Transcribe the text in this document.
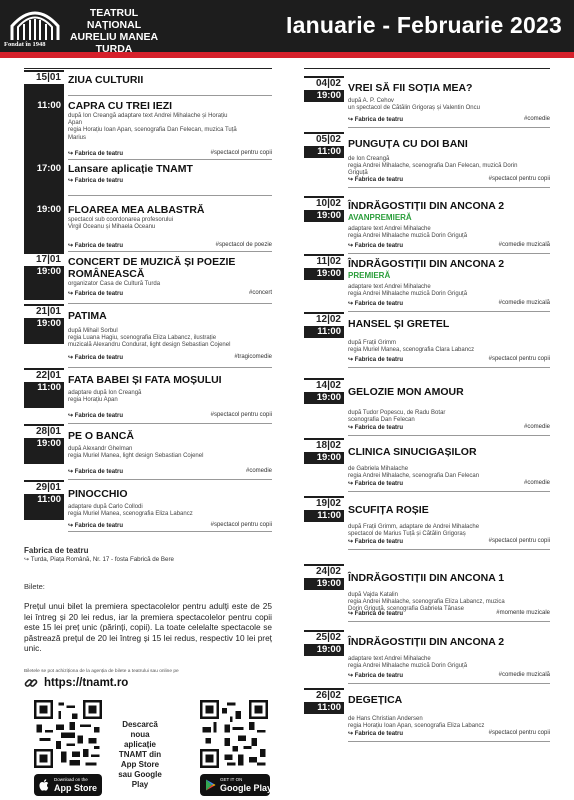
Fondat în 1948
TEATRUL NAȚIONAL
AURELIU MANEA
TURDA
Ianuarie - Februarie 2023
15|01 ZIUA CULTURII
11:00 CAPRA CU TREI IEZI
după Ion Creangă adaptare text Andrei Mihalache și Horațiu
Apan
regia Horațiu Ioan Apan, scenografia Dan Felecan, muzica Tuță
Marius
↪ Fabrica de teatru	#spectacol pentru copii
17:00 Lansare aplicație TNAMT
↪ Fabrica de teatru
19:00 FLOAREA MEA ALBASTRĂ
spectacol sub coordonarea profesorului
Virgil Oceanu și Mihaela Oceanu
↪ Fabrica de teatru	#spectacol de poezie
17|01
19:00
CONCERT DE MUZICĂ ȘI POEZIE ROMÂNEASCĂ
organizator Casa de Cultură Turda
↪ Fabrica de teatru	#concert
21|01
19:00
PATIMA
după Mihail Sorbul
regia Luana Hagiu, scenografia Eliza Labancz, ilustrație
muzicală Alexandru Condurat, light design Sebastian Cojenel
↪ Fabrica de teatru	#tragicomedie
22|01
11:00
FATA BABEI ȘI FATA MOȘULUI
adaptare după Ion Creangă
regia Horațiu Apan
↪ Fabrica de teatru	#spectacol pentru copii
28|01
19:00
PE O BANCĂ
după Alexandr Ghelman
regia Muriel Manea, light design Sebastian Cojenel
↪ Fabrica de teatru	#comedie
29|01
11:00 PINOCCHIO
adaptare după Carlo Collodi
regia Muriel Manea, scenografia Eliza Labancz
↪ Fabrica de teatru	#spectacol pentru copii
04|02
19:00
VREI SĂ FII SOȚIA MEA?
după A. P. Cehov
un spectacol de Cătălin Grigoraș și Valentin Oncu
↪ Fabrica de teatru	#comedie
05|02
11:00
PUNGUȚA CU DOI BANI
de Ion Creangă
regia Andrei Mihalache, scenografia Dan Felecan, muzică Dorin
Griguță
↪ Fabrica de teatru	#spectacol pentru copii
10|02
19:00
ÎNDRĂGOSTIȚII DIN ANCONA 2
AVANPREMIERĂ
adaptare text Andrei Mihalache
regia Andrei Mihalache muzică Dorin Griguță
↪ Fabrica de teatru	#comedie muzicală
11|02
19:00
ÎNDRĂGOSTIȚII DIN ANCONA 2
PREMIERĂ
adaptare text Andrei Mihalache
regia Andrei Mihalache muzică Dorin Griguță
↪ Fabrica de teatru	#comedie muzicală
12|02
11:00
HANSEL ȘI GRETEL
după Frații Grimm
regia Muriel Manea, scenografia Clara Labancz
↪ Fabrica de teatru	#spectacol pentru copii
14|02
19:00 GELOZIE MON AMOUR
după Tudor Popescu, de Radu Botar
scenografia Dan Felecan
↪ Fabrica de teatru	#comedie
18|02
19:00 CLINICA SINUCIGAȘILOR
de Gabriela Mihalache
regia Andrei Mihalache, scenografia Dan Felecan
↪ Fabrica de teatru	#comedie
19|02
11:00 SCUFIȚA ROȘIE
după Frații Grimm, adaptare de Andrei Mihalache
spectacol de Marius Tuță și Cătălin Grigoraș
↪ Fabrica de teatru	#spectacol pentru copii
24|02
19:00 ÎNDRĂGOSTIȚII DIN ANCONA 1
după Vajda Katalin
regia Andrei Mihalache, scenografia Eliza Labancz, muzica
Dorin Griguță, scenografia Gabriela Tănase
↪ Fabrica de teatru	#momente muzicale
25|02
19:00
ÎNDRĂGOSTIȚII DIN ANCONA 2
adaptare text Andrei Mihalache
regia Andrei Mihalache muzică Dorin Griguță
↪ Fabrica de teatru	#comedie muzicală
26|02
11:00
DEGEȚICA
de Hans Christian Andersen
regia Horațiu Ioan Apan, scenografia Eliza Labancz
↪ Fabrica de teatru	#spectacol pentru copii
Fabrica de teatru
↪ Turda, Piața Română, Nr. 17 - fosta Fabrică de Bere
Bilete:
Prețul unui bilet la premiera spectacolelor pentru adulți este de 25 lei întreg și 20 lei redus, iar la premiera spectacolelor pentru copii este 15 lei preț unic (părinți, copii). La toate celelalte spectacole se păstrează prețul de 20 lei întreg și 15 lei redus, respectiv 10 lei preț unic.
Biletele se pot achiziționa de la agenția de bilete a teatrului sau online pe
https://tnamt.ro
Descarcă noua aplicație TNAMT din App Store sau Google Play
Download on the
App Store
GET IT ON
Google Play
